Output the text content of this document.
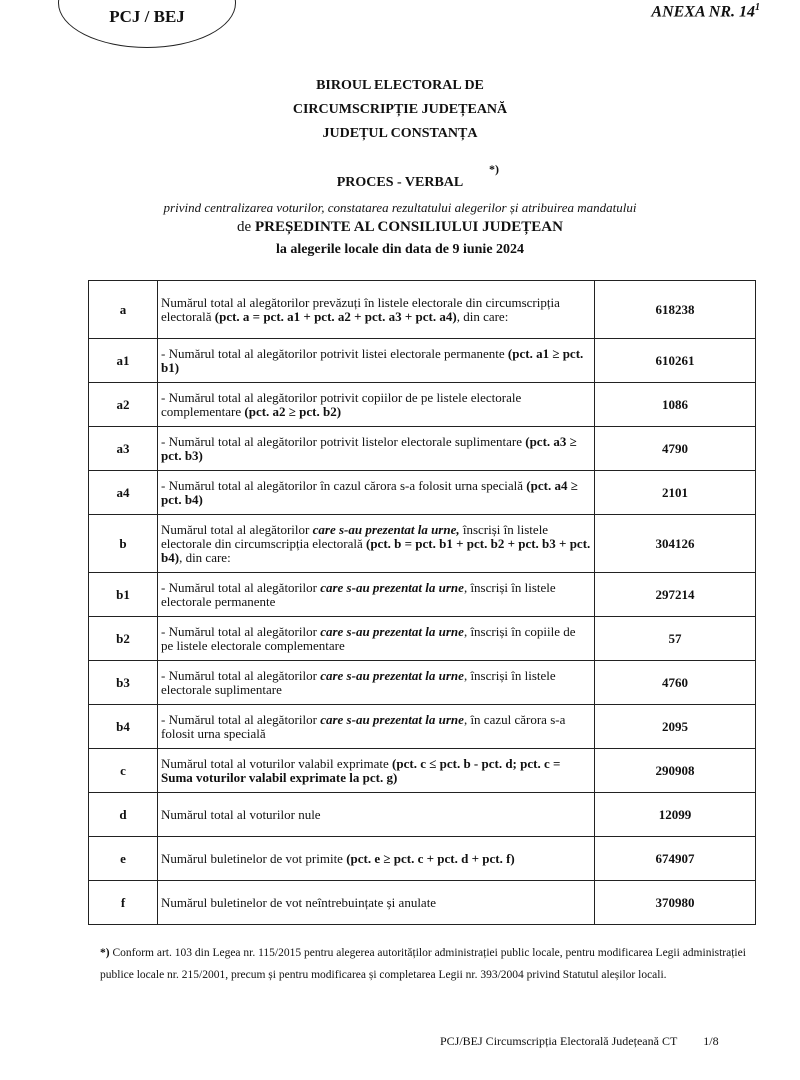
PCJ / BEJ	ANEXA NR. $14^1$
BIROUL ELECTORAL DE
CIRCUMSCRIPȚIE JUDEȚEANĂ
JUDEȚUL CONSTANȚA
PROCES - VERBAL
*)
privind centralizarea voturilor, constatarea rezultatului alegerilor și atribuirea mandatului
de PREȘEDINTE AL CONSILIULUI JUDEȚEAN
la alegerile locale din data de 9 iunie 2024
a	Numărul total al alegătorilor prevăzuți în listele electorale din circumscripția electorală (pct. a = pct. a1 + pct. a2 + pct. a3 + pct. a4), din care:	618238
a1	- Numărul total al alegătorilor potrivit listei electorale permanente (pct. a1 ≥ pct. b1)	610261
a2	- Numărul total al alegătorilor potrivit copiilor de pe listele electorale complementare (pct. a2 ≥ pct. b2)	1086
a3	- Numărul total al alegătorilor potrivit listelor electorale suplimentare (pct. a3 ≥ pct. b3)	4790
a4	- Numărul total al alegătorilor în cazul cărora s-a folosit urna specială (pct. a4 ≥ pct. b4)	2101
b	Numărul total al alegătorilor care s-au prezentat la urne, înscriși în listele electorale din circumscripția electorală (pct. b = pct. b1 + pct. b2 + pct. b3 + pct. b4), din care:	304126
b1	- Numărul total al alegătorilor care s-au prezentat la urne, înscriși în listele electorale permanente	297214
b2	- Numărul total al alegătorilor care s-au prezentat la urne, înscriși în copiile de pe listele electorale complementare	57
b3	- Numărul total al alegătorilor care s-au prezentat la urne, înscriși în listele electorale suplimentare	4760
b4	- Numărul total al alegătorilor care s-au prezentat la urne, în cazul cărora s-a folosit urna specială	2095
c	Numărul total al voturilor valabil exprimate (pct. c ≤ pct. b - pct. d; pct. c = Suma voturilor valabil exprimate la pct. g)	290908
d	Numărul total al voturilor nule	12099
e	Numărul buletinelor de vot primite (pct. e ≥ pct. c + pct. d + pct. f)	674907
f	Numărul buletinelor de vot neîntrebuințate și anulate	370980
*) Conform art. 103 din Legea nr. 115/2015 pentru alegerea autorităților administrației public locale, pentru modificarea Legii administrației publice locale nr. 215/2001, precum și pentru modificarea și completarea Legii nr. 393/2004 privind Statutul aleșilor locali.
PCJ/BEJ Circumscripția Electorală Județeană CT 1/8
